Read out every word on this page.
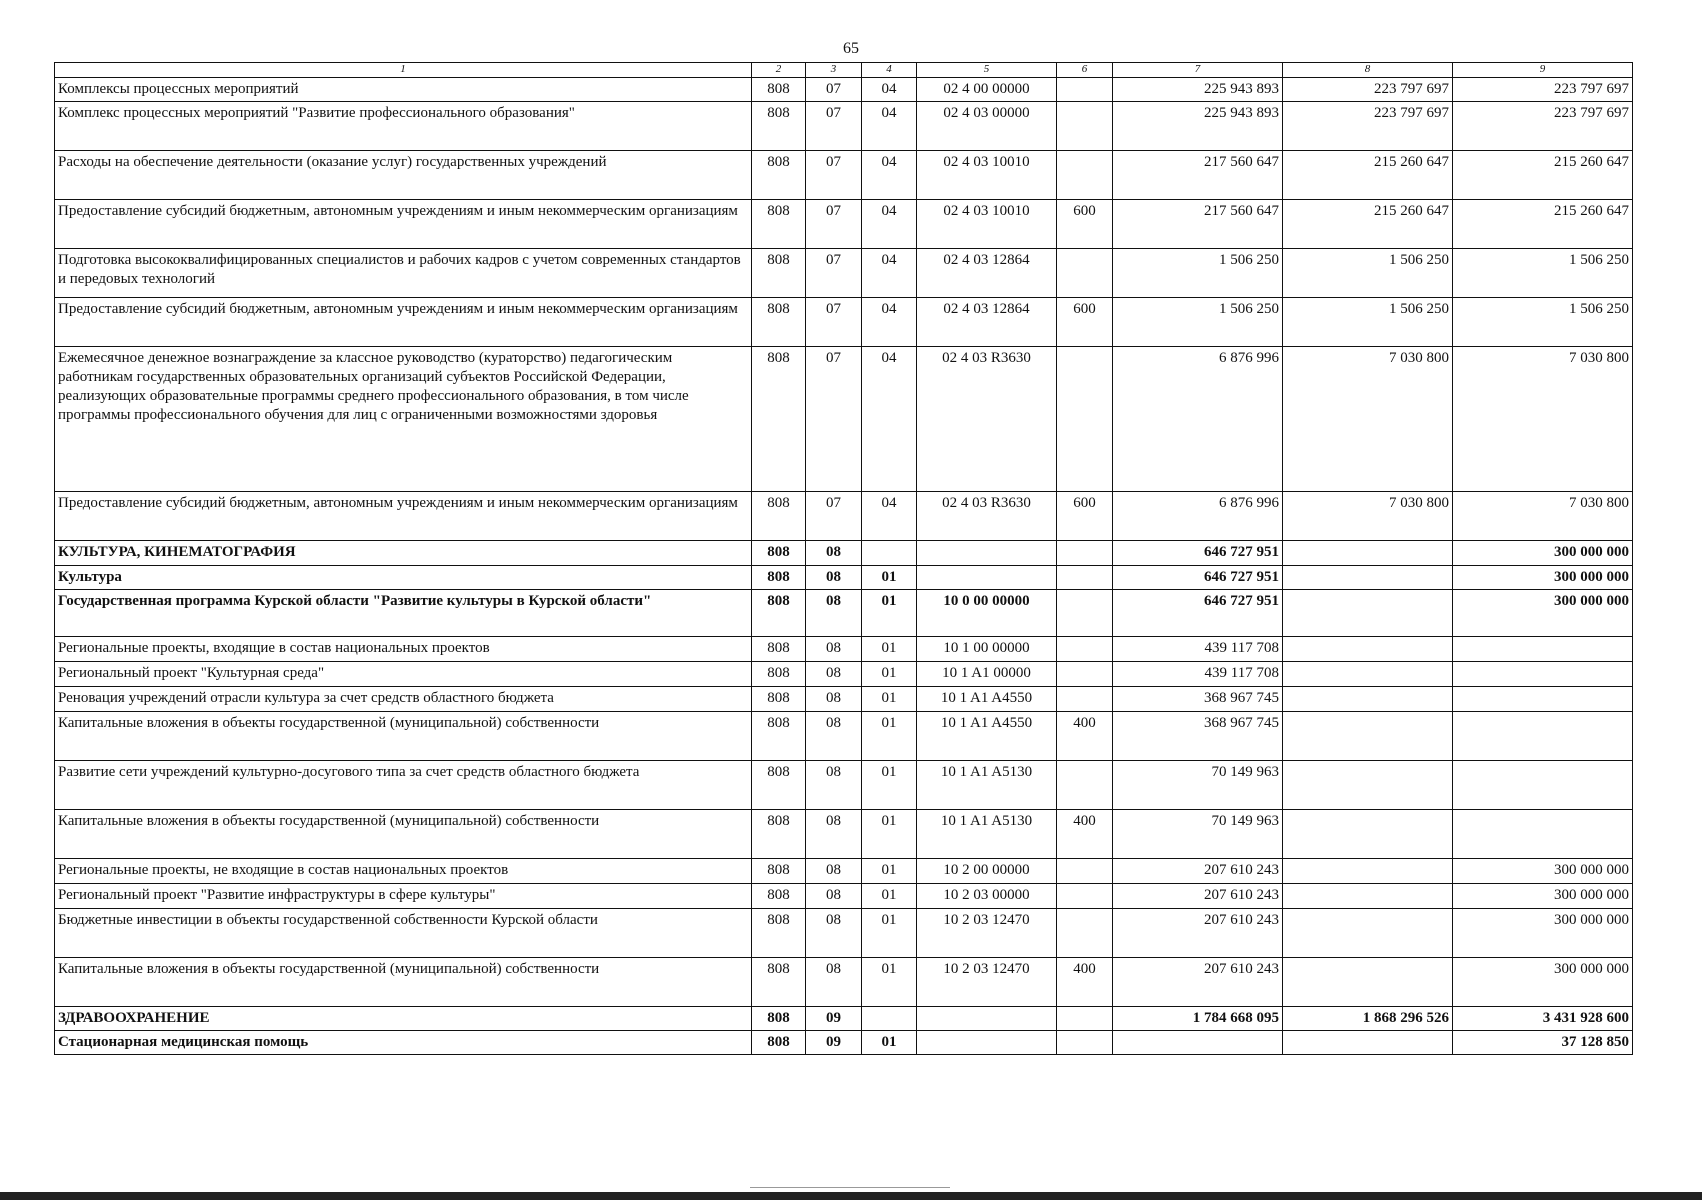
65
1	2	3	4	5	6	7	8	9
Комплексы процессных мероприятий	808	07	04	02 4 00 00000		225 943 893	223 797 697	223 797 697
Комплекс процессных мероприятий "Развитие профессионального образования"	808	07	04	02 4 03 00000		225 943 893	223 797 697	223 797 697
Расходы на обеспечение деятельности (оказание услуг) государственных учреждений	808	07	04	02 4 03 10010		217 560 647	215 260 647	215 260 647
Предоставление субсидий бюджетным, автономным учреждениям и иным некоммерческим организациям	808	07	04	02 4 03 10010	600	217 560 647	215 260 647	215 260 647
Подготовка высококвалифицированных специалистов и рабочих кадров с учетом современных стандартов и передовых технологий	808	07	04	02 4 03 12864		1 506 250	1 506 250	1 506 250
Предоставление субсидий бюджетным, автономным учреждениям и иным некоммерческим организациям	808	07	04	02 4 03 12864	600	1 506 250	1 506 250	1 506 250
Ежемесячное денежное вознаграждение за классное руководство (кураторство) педагогическим работникам государственных образовательных организаций субъектов Российской Федерации, реализующих образовательные программы среднего профессионального образования, в том числе программы профессионального обучения для лиц с ограниченными возможностями здоровья	808	07	04	02 4 03 R3630		6 876 996	7 030 800	7 030 800
Предоставление субсидий бюджетным, автономным учреждениям и иным некоммерческим организациям	808	07	04	02 4 03 R3630	600	6 876 996	7 030 800	7 030 800
КУЛЬТУРА, КИНЕМАТОГРАФИЯ	808	08				646 727 951		300 000 000
Культура	808	08	01			646 727 951		300 000 000
Государственная программа Курской области "Развитие культуры в Курской области"	808	08	01	10 0 00 00000		646 727 951		300 000 000
Региональные проекты, входящие в состав национальных проектов	808	08	01	10 1 00 00000		439 117 708		
Региональный проект "Культурная среда"	808	08	01	10 1 A1 00000		439 117 708		
Реновация учреждений отрасли культура за счет средств областного бюджета	808	08	01	10 1 A1 A4550		368 967 745		
Капитальные вложения в объекты государственной (муниципальной) собственности	808	08	01	10 1 A1 A4550	400	368 967 745		
Развитие сети учреждений культурно-досугового типа за счет средств областного бюджета	808	08	01	10 1 A1 A5130		70 149 963		
Капитальные вложения в объекты государственной (муниципальной) собственности	808	08	01	10 1 A1 A5130	400	70 149 963		
Региональные проекты, не входящие в состав национальных проектов	808	08	01	10 2 00 00000		207 610 243		300 000 000
Региональный проект "Развитие инфраструктуры в сфере культуры"	808	08	01	10 2 03 00000		207 610 243		300 000 000
Бюджетные инвестиции в объекты государственной собственности Курской области	808	08	01	10 2 03 12470		207 610 243		300 000 000
Капитальные вложения в объекты государственной (муниципальной) собственности	808	08	01	10 2 03 12470	400	207 610 243		300 000 000
ЗДРАВООХРАНЕНИЕ	808	09				1 784 668 095	1 868 296 526	3 431 928 600
Стационарная медицинская помощь	808	09	01					37 128 850
